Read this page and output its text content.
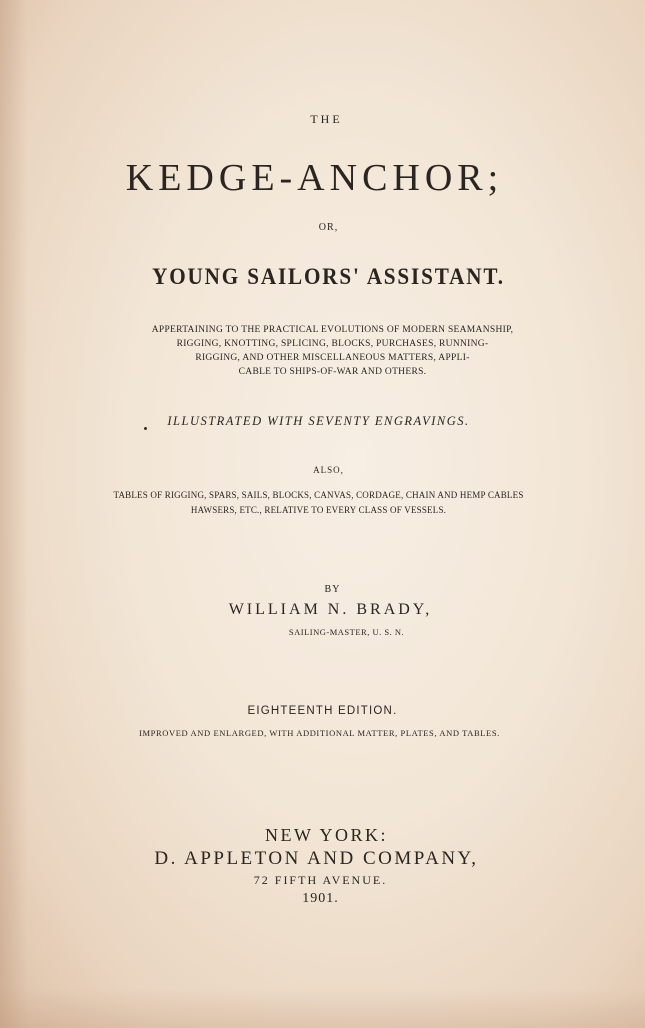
THE

KEDGE-ANCHOR;

OR,

YOUNG SAILORS' ASSISTANT.
APPERTAINING TO THE PRACTICAL EVOLUTIONS OF MODERN SEAMANSHIP,
RIGGING, KNOTTING, SPLICING, BLOCKS, PURCHASES, RUNNING-
RIGGING, AND OTHER MISCELLANEOUS MATTERS, APPLI-
CABLE TO SHIPS-OF-WAR AND OTHERS.

ILLUSTRATED WITH SEVENTY ENGRAVINGS.

ALSO,

TABLES OF RIGGING, SPARS, SAILS, BLOCKS, CANVAS, CORDAGE, CHAIN AND HEMP CABLES
HAWSERS, ETC., RELATIVE TO EVERY CLASS OF VESSELS.

BY

WILLIAM N. BRADY,

SAILING-MASTER, U. S. N.

EIGHTEENTH EDITION.

IMPROVED AND ENLARGED, WITH ADDITIONAL MATTER, PLATES, AND TABLES.

NEW YORK:

D. APPLETON AND COMPANY,

72 FIFTH AVENUE.

1901.
